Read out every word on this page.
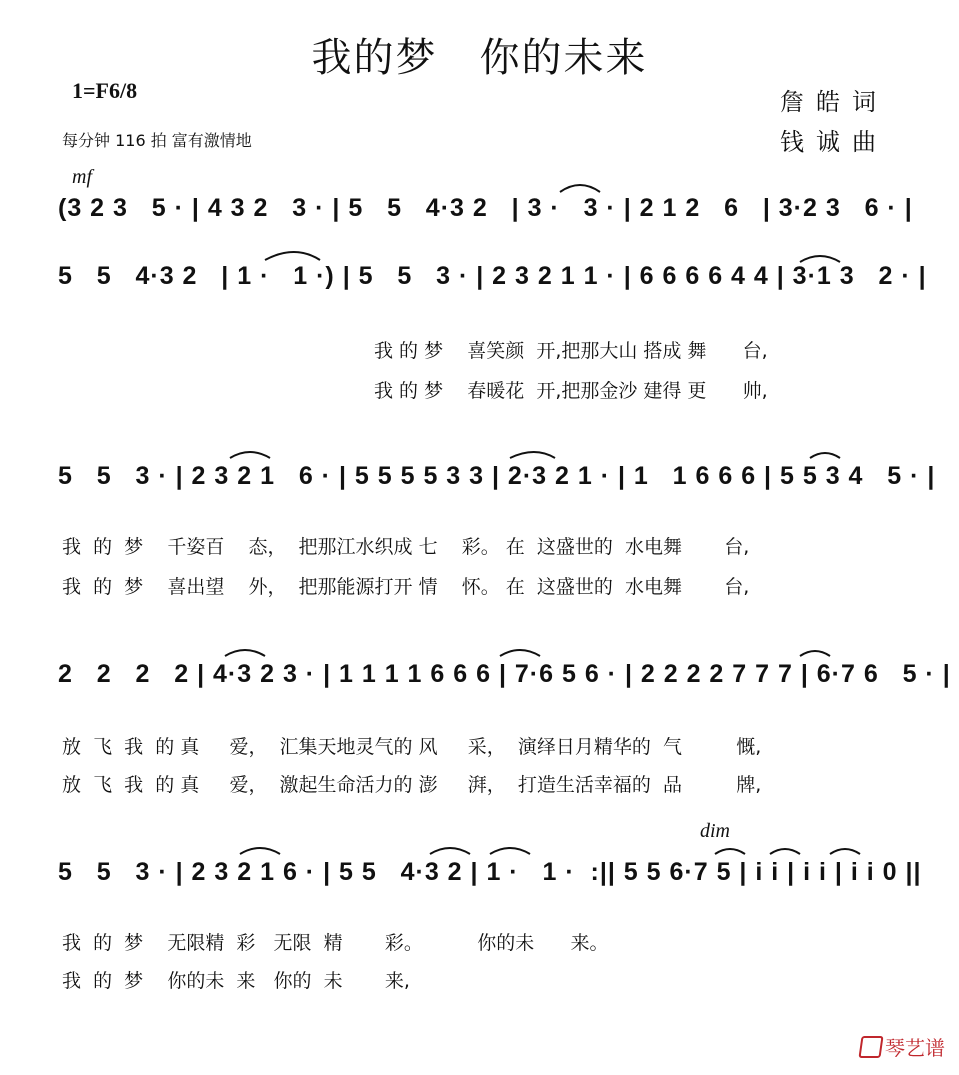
我的梦　你的未来
1=F6/8
每分钟 116 拍 富有激情地
詹皓词
钱诚曲
mf
dim
(3 2 3   5 · | 4 3 2   3 · | 5   5   4·3 2   | 3 ·   3 · | 2 1 2   6   | 3·2 3   6 · |
5   5   4·3 2   | 1 ·   1 ·) | 5   5   3 · | 2 3 2 1 1 · | 6 6 6 6 4 4 | 3·1 3   2 · |
5   5   3 · | 2 3 2 1   6 · | 5 5 5 5 3 3 | 2·3 2 1 · | 1   1 6 6 6 | 5 5 3 4   5 · |
2   2   2   2 | 4·3 2 3 · | 1 1 1 1 6 6 6 | 7·6 5 6 · | 2 2 2 2 7 7 7 | 6·7 6   5 · |
5   5   3 · | 2 3 2 1 6 · | 5 5   4·3 2 | 1 ·   1 ·  :|| 5 5 6·7 5 | i i | i i | i i 0 ||
我 的 梦    喜笑颜  开,把那大山 搭成 舞      台,
我 的 梦    春暖花  开,把那金沙 建得 更      帅,
我  的  梦    千姿百    态，  把那江水织成 七    彩。 在  这盛世的  水电舞       台,
我  的  梦    喜出望    外，  把那能源打开 情    怀。 在  这盛世的  水电舞       台,
放  飞  我  的 真     爱，  汇集天地灵气的 风     采，  演绎日月精华的  气         慨,
放  飞  我  的 真     爱，  激起生命活力的 澎     湃，  打造生活幸福的  品         牌,
我  的  梦    无限精  彩   无限  精       彩。         你的未      来。
我  的  梦    你的未  来   你的  未       来,
琴艺谱
